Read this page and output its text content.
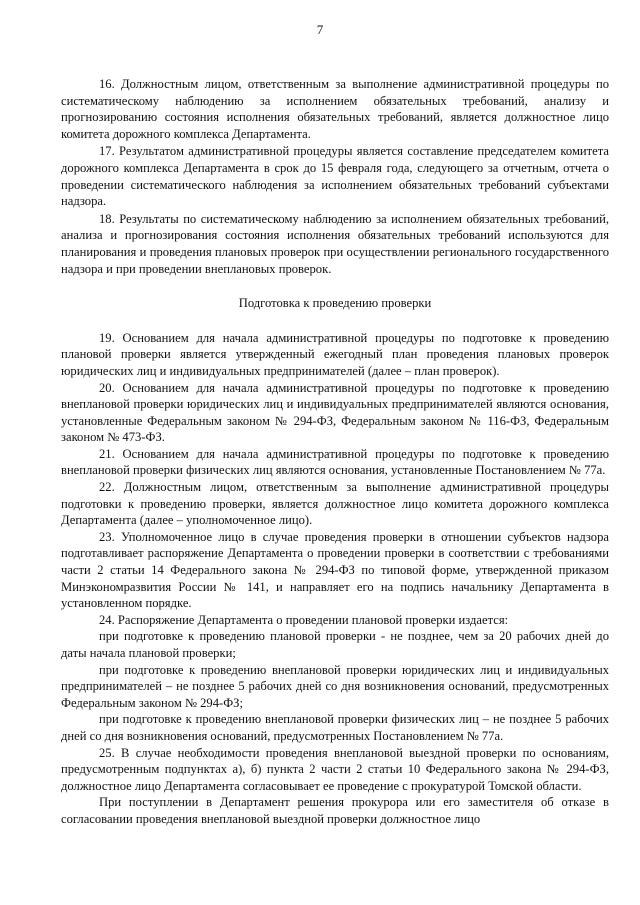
7

16. Должностным лицом, ответственным за выполнение административной процедуры по систематическому наблюдению за исполнением обязательных требований, анализу и прогнозированию состояния исполнения обязательных требований, является должностное лицо комитета дорожного комплекса Департамента.

17. Результатом административной процедуры является составление председателем комитета дорожного комплекса Департамента в срок до 15 февраля года, следующего за отчетным, отчета о проведении систематического наблюдения за исполнением обязательных требований субъектами надзора.

18. Результаты по систематическому наблюдению за исполнением обязательных требований, анализа и прогнозирования состояния исполнения обязательных требований используются для планирования и проведения плановых проверок при осуществлении регионального государственного надзора и при проведении внеплановых проверок.

Подготовка к проведению проверки

19. Основанием для начала административной процедуры по подготовке к проведению плановой проверки является утвержденный ежегодный план проведения плановых проверок юридических лиц и индивидуальных предпринимателей (далее – план проверок).

20. Основанием для начала административной процедуры по подготовке к проведению внеплановой проверки юридических лиц и индивидуальных предпринимателей являются основания, установленные Федеральным законом № 294-ФЗ, Федеральным законом № 116-ФЗ, Федеральным законом № 473-ФЗ.

21. Основанием для начала административной процедуры по подготовке к проведению внеплановой проверки физических лиц являются основания, установленные Постановлением № 77а.

22. Должностным лицом, ответственным за выполнение административной процедуры подготовки к проведению проверки, является должностное лицо комитета дорожного комплекса Департамента (далее – уполномоченное лицо).

23. Уполномоченное лицо в случае проведения проверки в отношении субъектов надзора подготавливает распоряжение Департамента о проведении проверки в соответствии с требованиями части 2 статьи 14 Федерального закона № 294-ФЗ по типовой форме, утвержденной приказом Минэкономразвития России № 141, и направляет его на подпись начальнику Департамента в установленном порядке.

24. Распоряжение Департамента о проведении плановой проверки издается:

при подготовке к проведению плановой проверки - не позднее, чем за 20 рабочих дней до даты начала плановой проверки;

при подготовке к проведению внеплановой проверки юридических лиц и индивидуальных предпринимателей – не позднее 5 рабочих дней со дня возникновения оснований, предусмотренных Федеральным законом № 294-ФЗ;

при подготовке к проведению внеплановой проверки физических лиц – не позднее 5 рабочих дней со дня возникновения оснований, предусмотренных Постановлением № 77а.

25. В случае необходимости проведения внеплановой выездной проверки по основаниям, предусмотренным подпунктах а), б) пункта 2 части 2 статьи 10 Федерального закона № 294-ФЗ, должностное лицо Департамента согласовывает ее проведение с прокуратурой Томской области.

При поступлении в Департамент решения прокурора или его заместителя об отказе в согласовании проведения внеплановой выездной проверки должностное лицо
